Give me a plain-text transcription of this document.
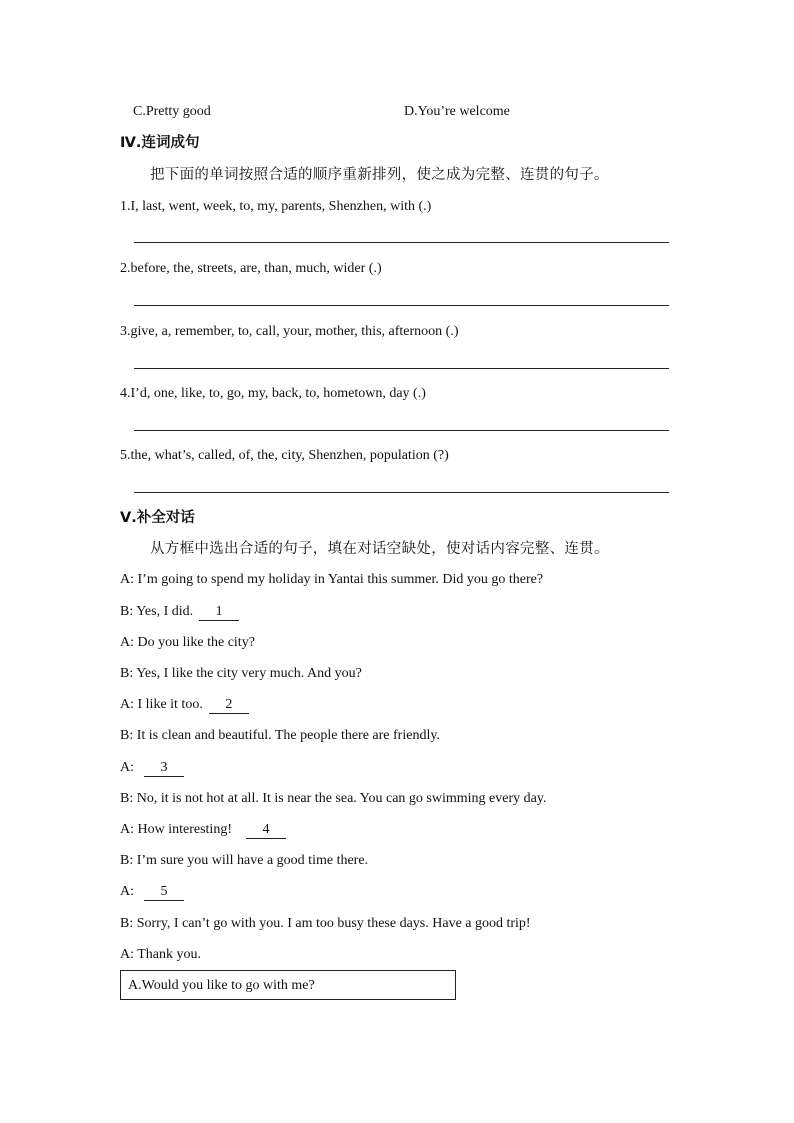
C.Pretty good	D.You’re welcome
Ⅳ.连词成句
把下面的单词按照合适的顺序重新排列，使之成为完整、连贯的句子。
1.I, last, went, week, to, my, parents, Shenzhen, with (.)
2.before, the, streets, are, than, much, wider (.)
3.give, a, remember, to, call, your, mother, this, afternoon (.)
4.I’d, one, like, to, go, my, back, to, hometown, day (.)
5.the, what’s, called, of, the, city, Shenzhen, population (?)
Ⅴ.补全对话
从方框中选出合适的句子，填在对话空缺处，使对话内容完整、连贯。
A: I’m going to spend my holiday in Yantai this summer. Did you go there?
B: Yes, I did. 1
A: Do you like the city?
B: Yes, I like the city very much. And you?
A: I like it too. 2
B: It is clean and beautiful. The people there are friendly.
A: 3
B: No, it is not hot at all. It is near the sea. You can go swimming every day.
A: How interesting! 4
B: I’m sure you will have a good time there.
A: 5
B: Sorry, I can’t go with you. I am too busy these days. Have a good trip!
A: Thank you.
A.Would you like to go with me?
